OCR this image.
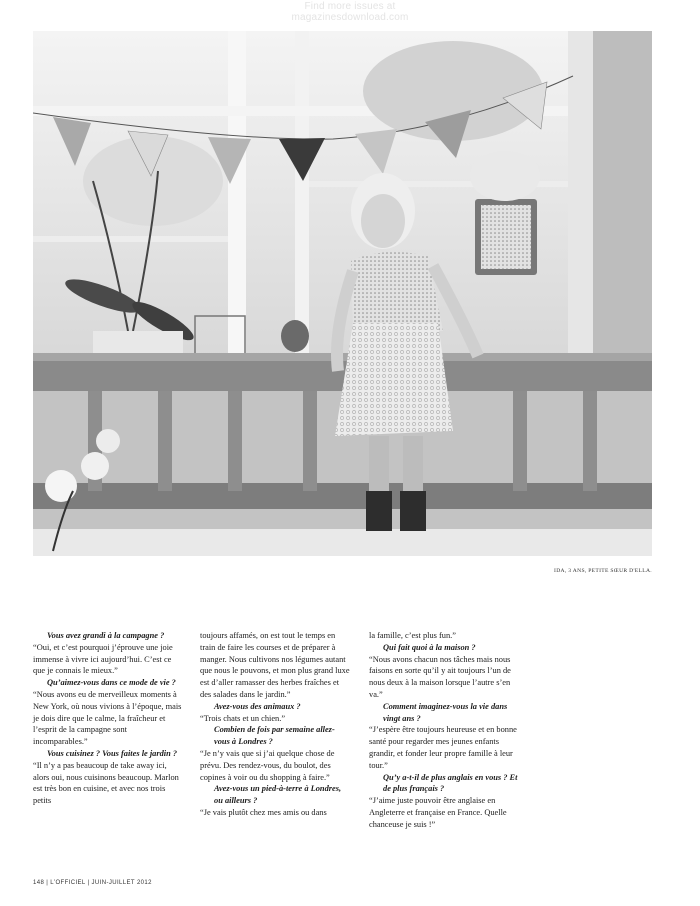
Find more issues at
magazinesdownload.com
IDA, 3 ANS, PETITE SŒUR D'ELLA.

Vous avez grandi à la campagne ?

“Oui, et c’est pourquoi j’éprouve une joie immense à vivre ici aujourd’hui. C’est ce que je connais le mieux.”

Qu’aimez-vous dans ce mode de vie ?

“Nous avons eu de merveilleux moments à New York, où nous vivions à l’époque, mais je dois dire que le calme, la fraîcheur et l’esprit de la campagne sont incomparables.”

Vous cuisinez ? Vous faites le jardin ?

“Il n’y a pas beaucoup de take away ici, alors oui, nous cuisinons beaucoup. Marlon est très bon en cuisine, et avec nos trois petits

toujours affamés, on est tout le temps en train de faire les courses et de préparer à manger. Nous cultivons nos légumes autant que nous le pouvons, et mon plus grand luxe est d’aller ramasser des herbes fraîches et des salades dans le jardin.”

Avez-vous des animaux ?

“Trois chats et un chien.”

Combien de fois par semaine allez-vous à Londres ?

“Je n’y vais que si j’ai quelque chose de prévu. Des rendez-vous, du boulot, des copines à voir ou du shopping à faire.”

Avez-vous un pied-à-terre à Londres, ou ailleurs ?

“Je vais plutôt chez mes amis ou dans

la famille, c’est plus fun.”

Qui fait quoi à la maison ?

“Nous avons chacun nos tâches mais nous faisons en sorte qu’il y ait toujours l’un de nous deux à la maison lorsque l’autre s’en va.”

Comment imaginez-vous la vie dans vingt ans ?

“J’espère être toujours heureuse et en bonne santé pour regarder mes jeunes enfants grandir, et fonder leur propre famille à leur tour.”

Qu’y a-t-il de plus anglais en vous ? Et de plus français ?

“J’aime juste pouvoir être anglaise en Angleterre et française en France. Quelle chanceuse je suis !”

148 | L’OFFICIEL | JUIN-JUILLET 2012
